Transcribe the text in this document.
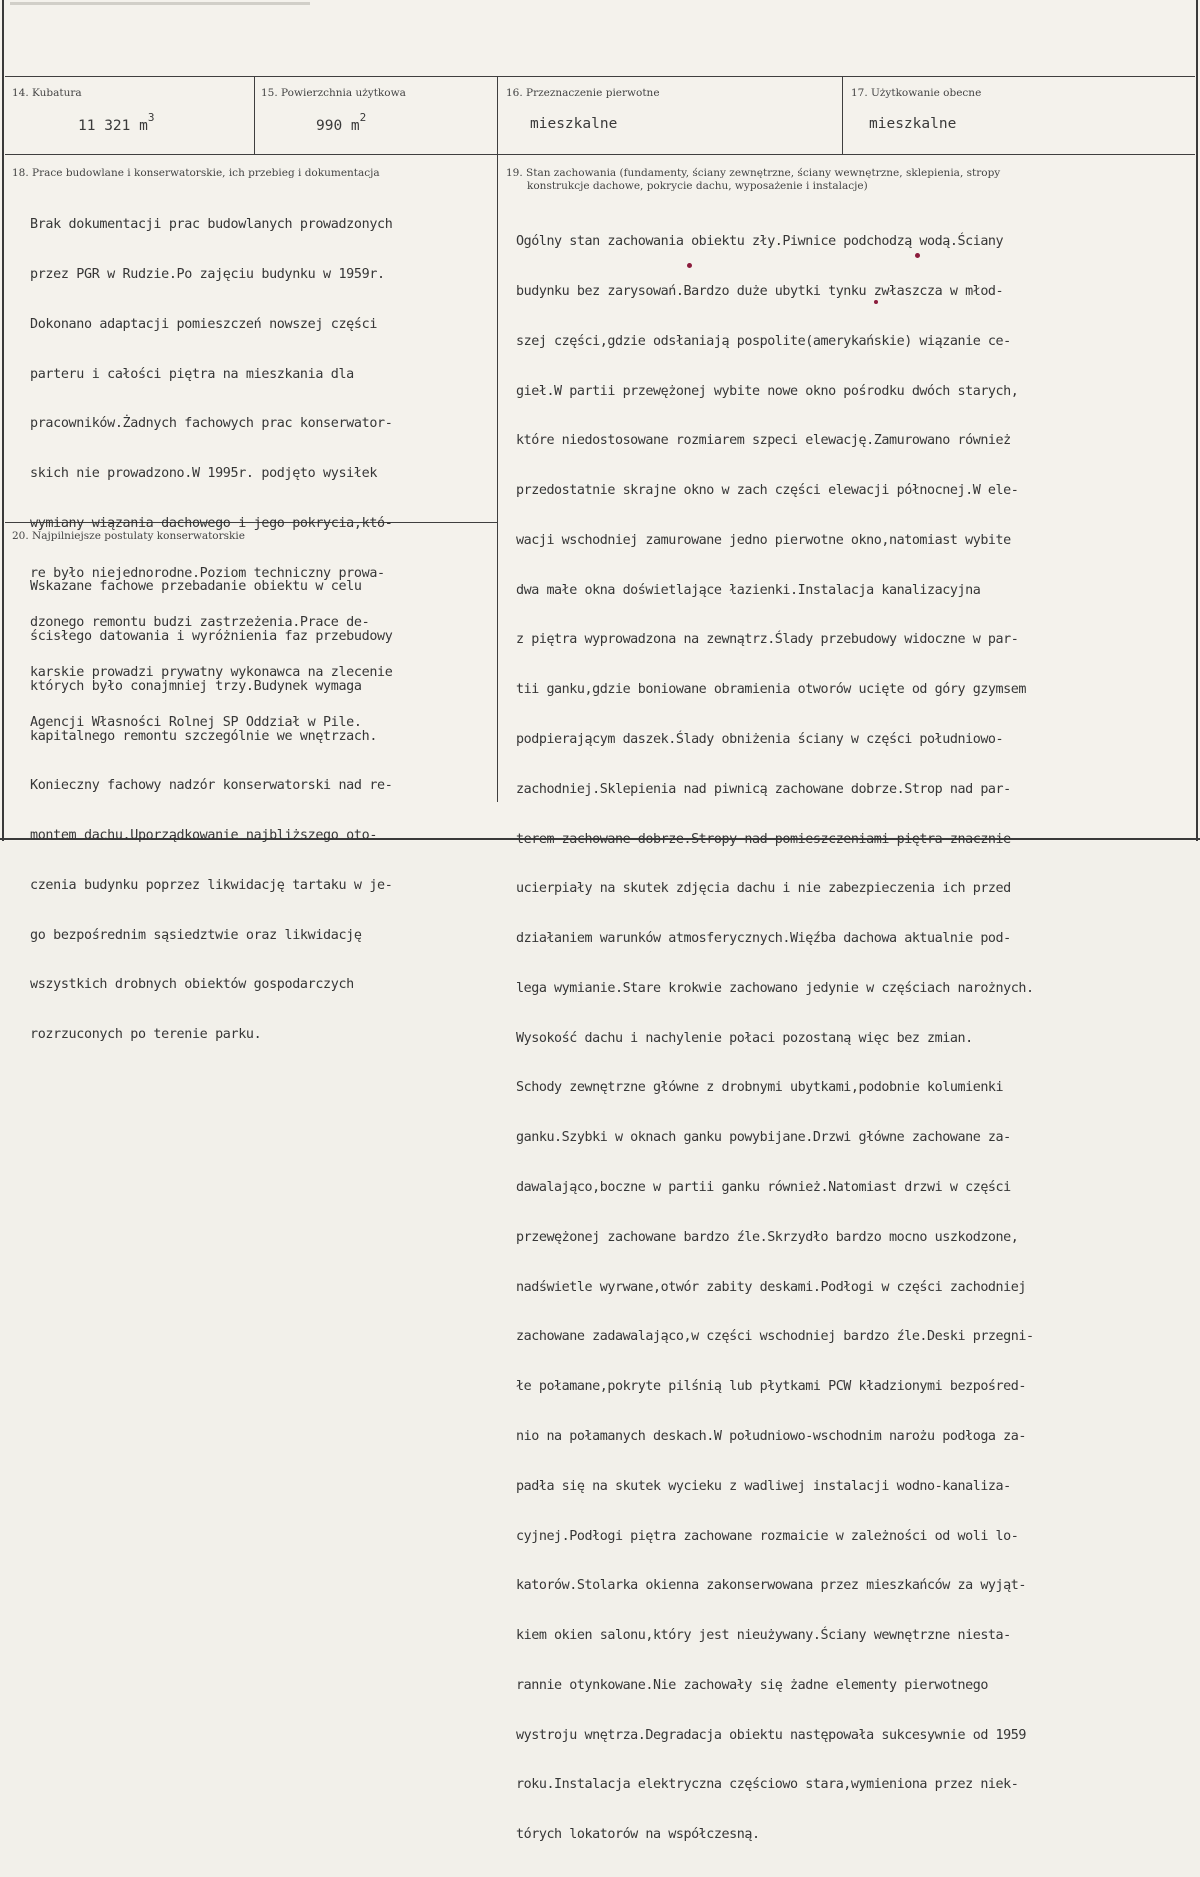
14. Kubatura
11 321 $m^3$
15. Powierzchnia użytkowa
990 $m^2$
16. Przeznaczenie pierwotne
mieszkalne
17. Użytkowanie obecne
mieszkalne
18. Prace budowlane i konserwatorskie, ich przebieg i dokumentacja

Brak dokumentacji prac budowlanych prowadzonych

przez PGR w Rudzie.Po zajęciu budynku w 1959r.

Dokonano adaptacji pomieszczeń nowszej części

parteru i całości piętra na mieszkania dla

pracowników.Żadnych fachowych prac konserwator-

skich nie prowadzono.W 1995r. podjęto wysiłek

wymiany wiązania dachowego i jego pokrycia,któ-

re było niejednorodne.Poziom techniczny prowa-

dzonego remontu budzi zastrzeżenia.Prace de-

karskie prowadzi prywatny wykonawca na zlecenie

Agencji Własności Rolnej SP Oddział w Pile.

20. Najpilniejsze postulaty konserwatorskie

Wskazane fachowe przebadanie obiektu w celu

ścisłego datowania i wyróżnienia faz przebudowy

których było conajmniej trzy.Budynek wymaga

kapitalnego remontu szczególnie we wnętrzach.

Konieczny fachowy nadzór konserwatorski nad re-

montem dachu.Uporządkowanie najbliższego oto-

czenia budynku poprzez likwidację tartaku w je-

go bezpośrednim sąsiedztwie oraz likwidację

wszystkich drobnych obiektów gospodarczych

rozrzuconych po terenie parku.

19. Stan zachowania (fundamenty, ściany zewnętrzne, ściany wewnętrzne, sklepienia, stropy
konstrukcje dachowe, pokrycie dachu, wyposażenie i instalacje)

Ogólny stan zachowania obiektu zły.Piwnice podchodzą wodą.Ściany

budynku bez zarysowań.Bardzo duże ubytki tynku zwłaszcza w młod-

szej części,gdzie odsłaniają pospolite(amerykańskie) wiązanie ce-

gieł.W partii przewężonej wybite nowe okno pośrodku dwóch starych,

które niedostosowane rozmiarem szpeci elewację.Zamurowano również

przedostatnie skrajne okno w zach części elewacji północnej.W ele-

wacji wschodniej zamurowane jedno pierwotne okno,natomiast wybite

dwa małe okna doświetlające łazienki.Instalacja kanalizacyjna

z piętra wyprowadzona na zewnątrz.Ślady przebudowy widoczne w par-

tii ganku,gdzie boniowane obramienia otworów ucięte od góry gzymsem

podpierającym daszek.Ślady obniżenia ściany w części południowo-

zachodniej.Sklepienia nad piwnicą zachowane dobrze.Strop nad par-

terem zachowane dobrze.Stropy nad pomieszczeniami piętra znacznie

ucierpiały na skutek zdjęcia dachu i nie zabezpieczenia ich przed

działaniem warunków atmosferycznych.Więźba dachowa aktualnie pod-

lega wymianie.Stare krokwie zachowano jedynie w częściach narożnych.

Wysokość dachu i nachylenie połaci pozostaną więc bez zmian.

Schody zewnętrzne główne z drobnymi ubytkami,podobnie kolumienki

ganku.Szybki w oknach ganku powybijane.Drzwi główne zachowane za-

dawalająco,boczne w partii ganku również.Natomiast drzwi w części

przewężonej zachowane bardzo źle.Skrzydło bardzo mocno uszkodzone,

nadświetle wyrwane,otwór zabity deskami.Podłogi w części zachodniej

zachowane zadawalająco,w części wschodniej bardzo źle.Deski przegni-

łe połamane,pokryte pilśnią lub płytkami PCW kładzionymi bezpośred-

nio na połamanych deskach.W południowo-wschodnim narożu podłoga za-

padła się na skutek wycieku z wadliwej instalacji wodno-kanaliza-

cyjnej.Podłogi piętra zachowane rozmaicie w zależności od woli lo-

katorów.Stolarka okienna zakonserwowana przez mieszkańców za wyjąt-

kiem okien salonu,który jest nieużywany.Ściany wewnętrzne niesta-

rannie otynkowane.Nie zachowały się żadne elementy pierwotnego

wystroju wnętrza.Degradacja obiektu następowała sukcesywnie od 1959

roku.Instalacja elektryczna częściowo stara,wymieniona przez niek-

tórych lokatorów na współczesną.
